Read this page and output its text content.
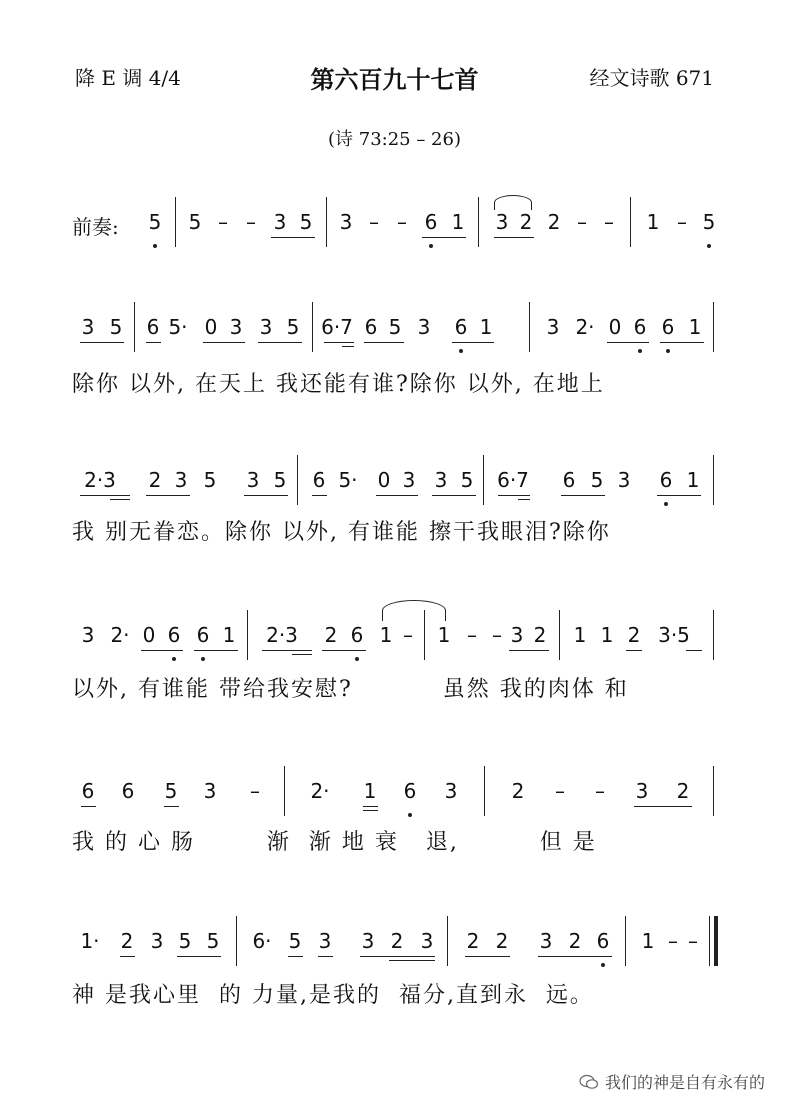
降 E 调 4/4	第六百九十七首	经文诗歌 671
(诗 73:25 – 26)
前奏: 5 5 – – 3 5 3 – – 6 1 3 2 2 – – 1 – 5
3 5 6 5· 0 3 3 5 6·7 6 5 3 6 1	3 2· 0 6 6 1
除你 以外, 在天上 我还能有谁?除你 以外, 在地上
2·3 2 3 5 3 5 6 5· 0 3 3 5 6·7 6 5 3 6 1
我 别无眷恋。除你 以外, 有谁能 擦干我眼泪?除你
3 2· 0 6 6 1 2·3 2 6 1 – 1 – – 3 2 1 1 2 3·5
以外, 有谁能 带给我安慰?          虽然 我的肉体 和
6 6 5 3 –	2· 1 6 3	2 – – 3 2
我 的 心 肠        渐  渐 地 衰   退,         但 是
1· 2 3 5 5 6· 5 3 3 2 3 2 2 3 2 6 1 – –
神 是我心里  的 力量,是我的  福分,直到永  远。
我们的神是自有永有的
